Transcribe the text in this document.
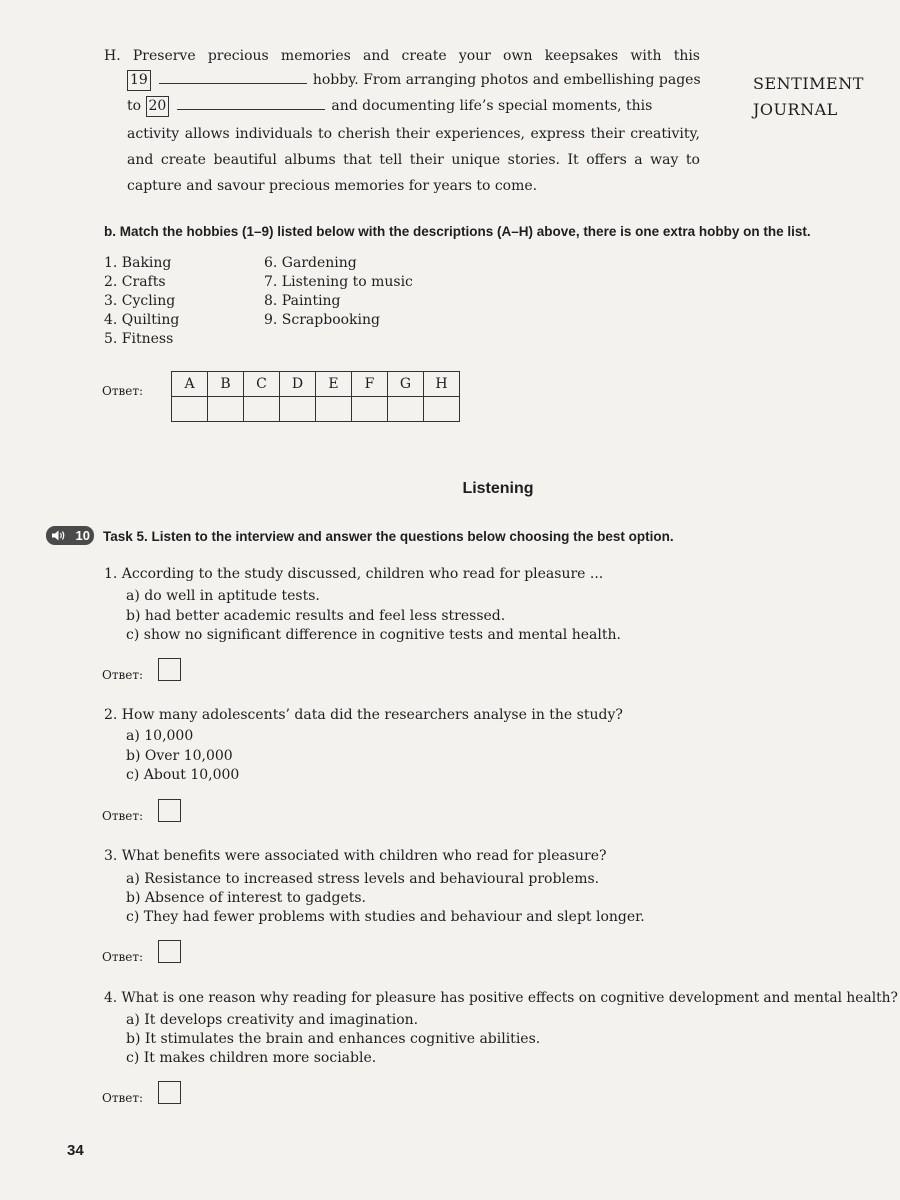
H. Preserve precious memories and create your own keepsakes with this
19	hobby. From arranging photos and embellishing pages
to 20	and documenting life’s special moments, this
activity allows individuals to cherish their experiences, express their creativity,
and create beautiful albums that tell their unique stories. It offers a way to
capture and savour precious memories for years to come.
SENTIMENT
JOURNAL
b. Match the hobbies (1–9) listed below with the descriptions (A–H) above, there is one extra hobby on the list.
1. Baking
2. Crafts
3. Cycling
4. Quilting
5. Fitness
6. Gardening
7. Listening to music
8. Painting
9. Scrapbooking
Ответ:	A	B	C	D	E	F	G	H

Listening
10 Task 5. Listen to the interview and answer the questions below choosing the best option.
1. According to the study discussed, children who read for pleasure ...
a) do well in aptitude tests.
b) had better academic results and feel less stressed.
c) show no significant difference in cognitive tests and mental health.
Ответ:
2. How many adolescents’ data did the researchers analyse in the study?
a) 10,000
b) Over 10,000
c) About 10,000
Ответ:
3. What benefits were associated with children who read for pleasure?
a) Resistance to increased stress levels and behavioural problems.
b) Absence of interest to gadgets.
c) They had fewer problems with studies and behaviour and slept longer.
Ответ:
4. What is one reason why reading for pleasure has positive effects on cognitive development and mental health?
a) It develops creativity and imagination.
b) It stimulates the brain and enhances cognitive abilities.
c) It makes children more sociable.
Ответ:
34
